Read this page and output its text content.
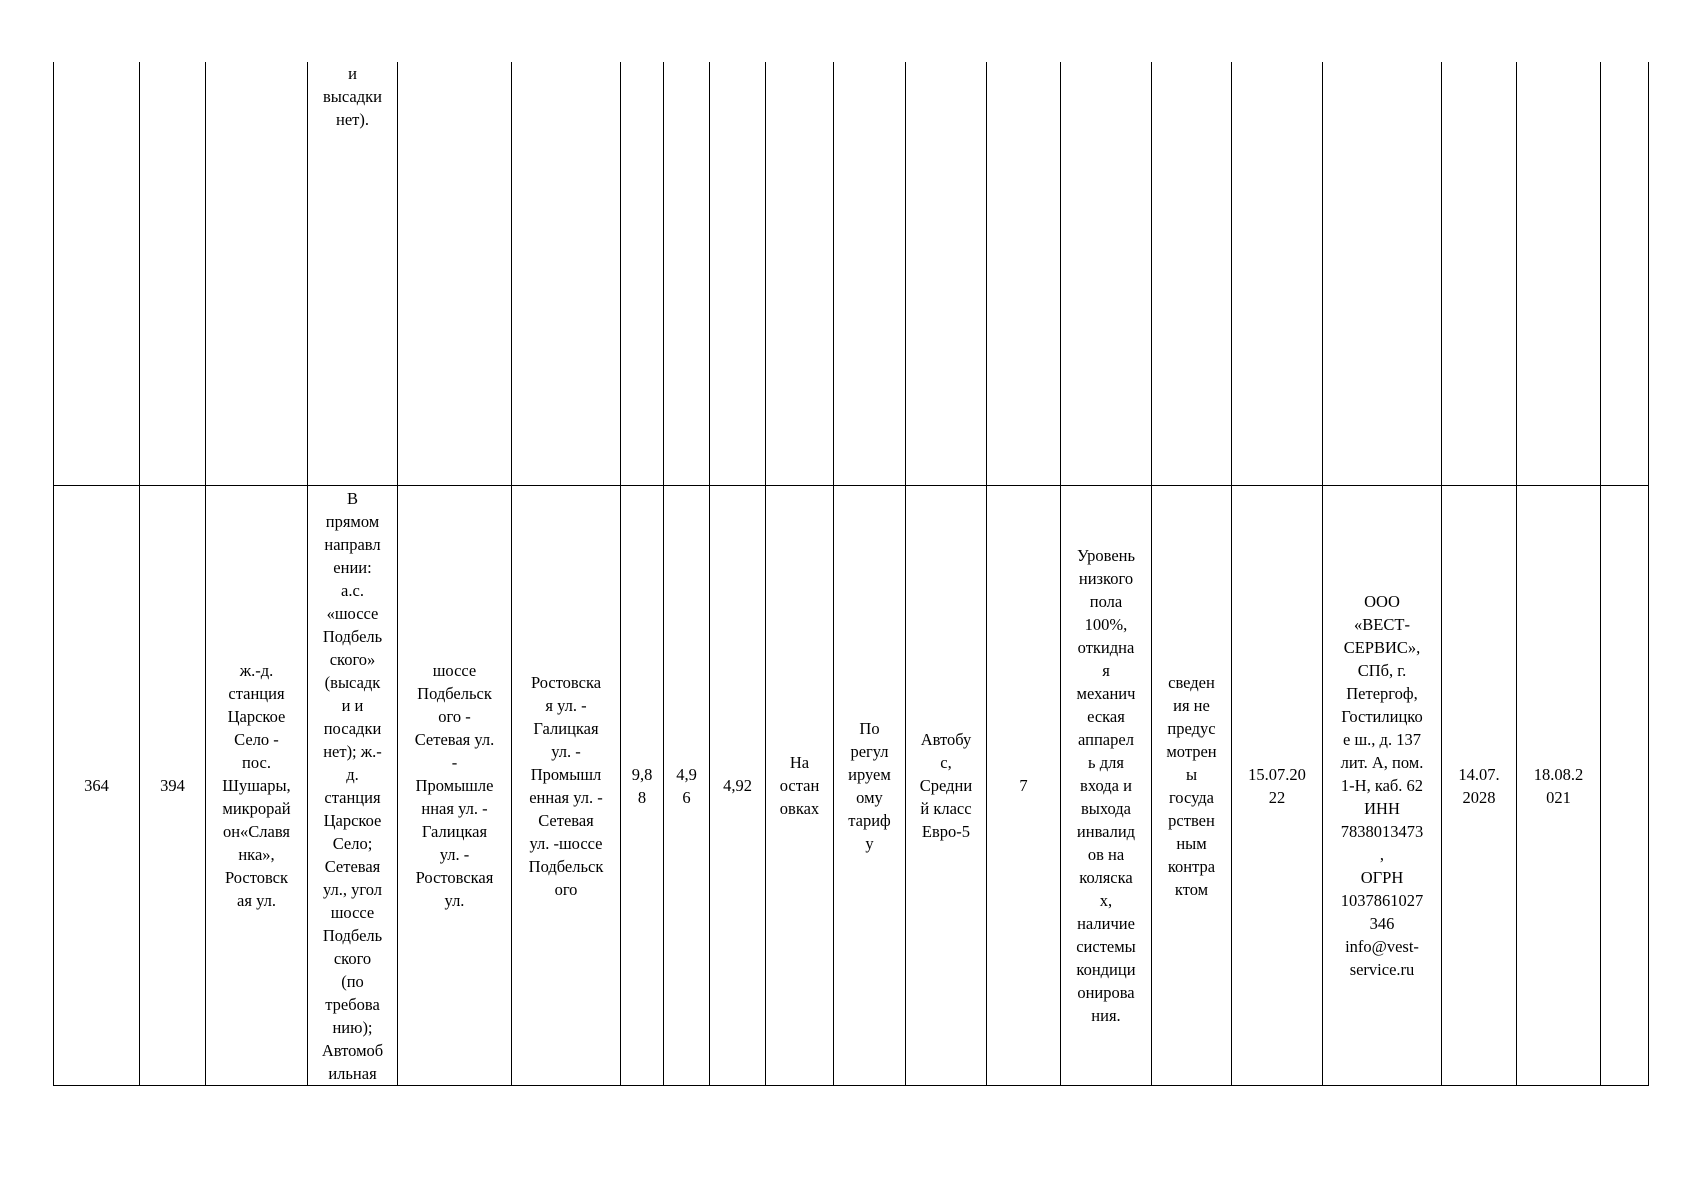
и
высадки
нет).
364	394
ж.-д.
станция
Царское
Село -
пос.
Шушары,
микрорай
он«Славя
нка»,
Ростовск
ая ул.
В
прямом
направл
ении:
а.с.
«шоссе
Подбель
ского»
(высадк
и и
посадки
нет); ж.-
д.
станция
Царское
Село;
Сетевая
ул., угол
шоссе
Подбель
ского
(по
требова
нию);
Автомоб
ильная
шоссе
Подбельск
ого -
Сетевая ул.
-
Промышле
нная ул. -
Галицкая
ул. -
Ростовская
ул.
Ростовска
я ул. -
Галицкая
ул. -
Промышл
енная ул. -
Сетевая
ул. -шоссе
Подбельск
ого
9,8
8
4,9
6
4,92
На
остан
овках
По
регул
ируем
ому
тариф
у
Автобу
с,
Средни
й класс
Евро-5
7
Уровень
низкого
пола
100%,
откидна
я
механич
еская
аппарел
ь для
входа и
выхода
инвалид
ов на
коляска
х,
наличие
системы
кондици
онирова
ния.
сведен
ия не
предус
мотрен
ы
госуда
рствен
ным
контра
ктом
15.07.20
22
ООО
«ВЕСТ-
СЕРВИС»,
СПб, г.
Петергоф,
Гостилицко
е ш., д. 137
лит. А, пом.
1-Н, каб. 62
ИНН
7838013473
,
ОГРН
1037861027
346
info@vest-
service.ru
14.07.
2028
18.08.2
021
